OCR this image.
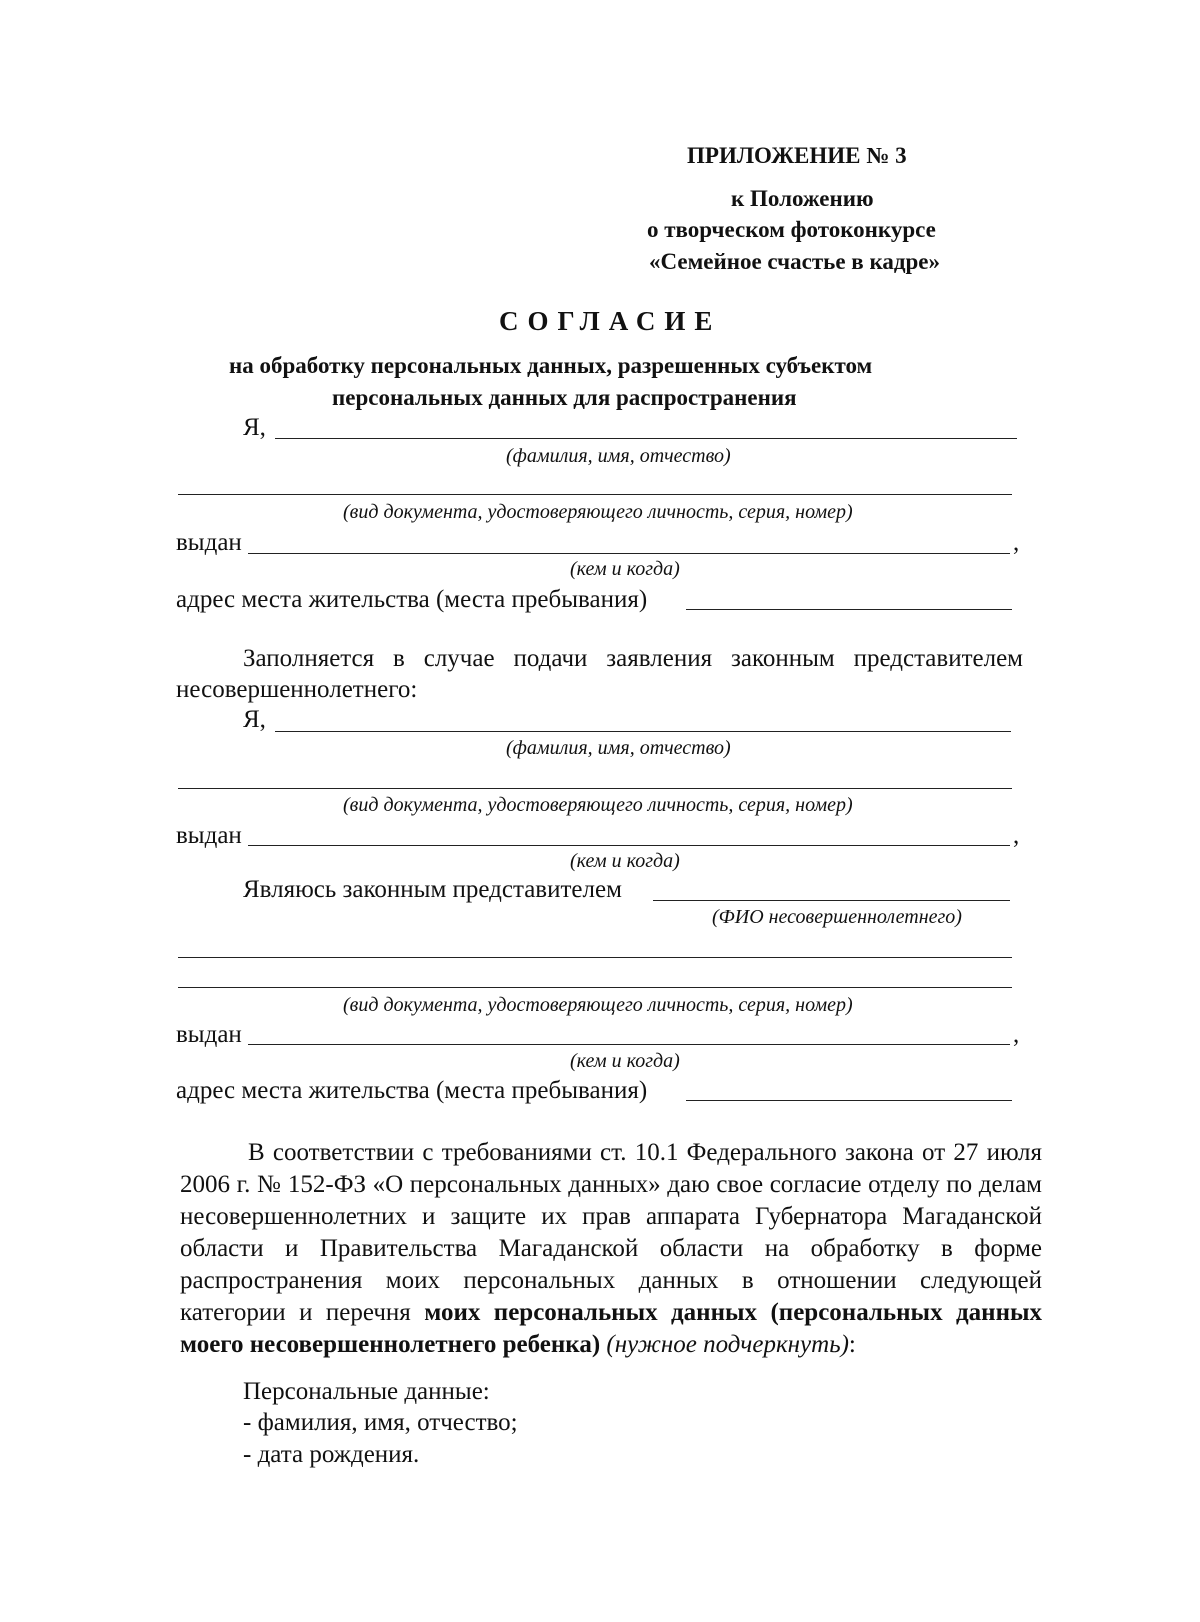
ПРИЛОЖЕНИЕ № 3
к Положению
о творческом фотоконкурсе
«Семейное счастье в кадре»
СОГЛАСИЕ
на обработку персональных данных, разрешенных субъектом
персональных данных для распространения
Я,
(фамилия, имя, отчество)
(вид документа, удостоверяющего личность, серия, номер)
выдан	,
(кем и когда)
адрес места жительства (места пребывания)
Заполняется в случае подачи заявления законным представителем
несовершеннолетнего:
Я,
(фамилия, имя, отчество)
(вид документа, удостоверяющего личность, серия, номер)
выдан	,
(кем и когда)
Являюсь законным представителем
(ФИО несовершеннолетнего)
(вид документа, удостоверяющего личность, серия, номер)
выдан	,
(кем и когда)
адрес места жительства (места пребывания)
В соответствии с требованиями ст. 10.1 Федерального закона от 27 июля 2006 г. № 152-ФЗ «О персональных данных» даю свое согласие отделу по делам несовершеннолетних и защите их прав аппарата Губернатора Магаданской области и Правительства Магаданской области на обработку в форме распространения моих персональных данных в отношении следующей категории и перечня моих персональных данных (персональных данных моего несовершеннолетнего ребенка) (нужное подчеркнуть):
Персональные данные:
- фамилия, имя, отчество;
- дата рождения.
